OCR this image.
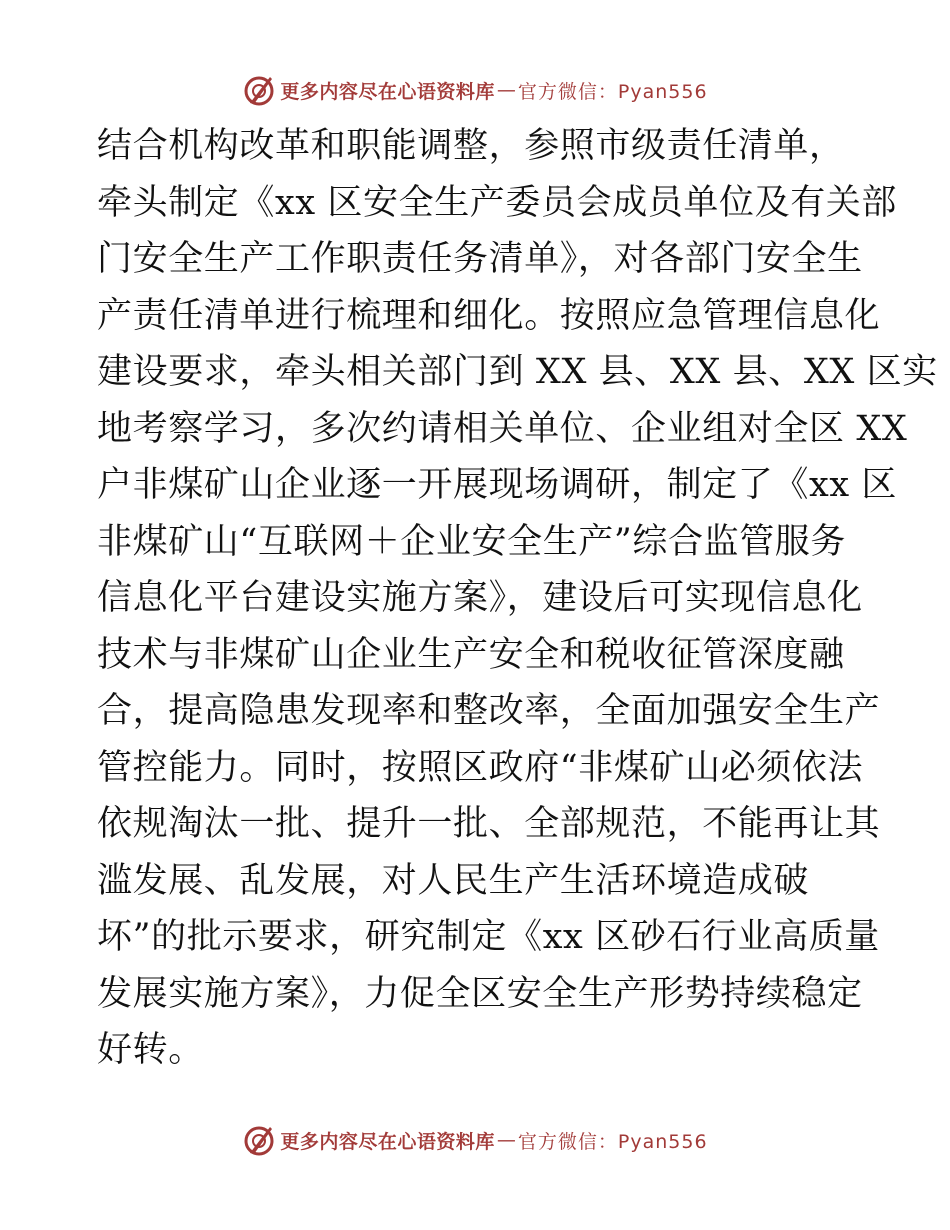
更多内容尽在心语资料库 — 官方微信：Pyan556
结合机构改革和职能调整，参照市级责任清单，
牵头制定《xx 区安全生产委员会成员单位及有关部
门安全生产工作职责任务清单》，对各部门安全生
产责任清单进行梳理和细化。按照应急管理信息化
建设要求，牵头相关部门到 XX 县、XX 县、XX 区实
地考察学习，多次约请相关单位、企业组对全区 XX
户非煤矿山企业逐一开展现场调研，制定了《xx 区
非煤矿山“互联网＋企业安全生产”综合监管服务
信息化平台建设实施方案》，建设后可实现信息化
技术与非煤矿山企业生产安全和税收征管深度融
合，提高隐患发现率和整改率，全面加强安全生产
管控能力。同时，按照区政府“非煤矿山必须依法
依规淘汰一批、提升一批、全部规范，不能再让其
滥发展、乱发展，对人民生产生活环境造成破
坏”的批示要求，研究制定《xx 区砂石行业高质量
发展实施方案》，力促全区安全生产形势持续稳定
好转。
更多内容尽在心语资料库 — 官方微信：Pyan556
